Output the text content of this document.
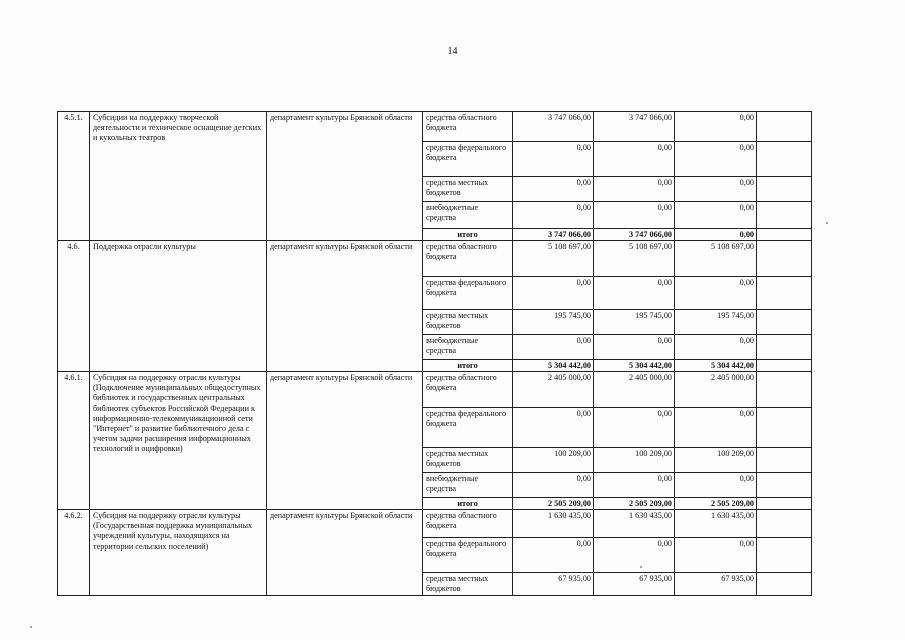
14
4.5.1.	Субсидии на поддержку творческой деятельности и техническое оснащение детских и кукольных театров	департамент культуры Брянской области	средства областного бюджета	3 747 066,00	3 747 066,00	0,00	
			средства федерального бюджета	0,00	0,00	0,00	
			средства местных бюджетов	0,00	0,00	0,00	
			внебюджетные средства	0,00	0,00	0,00	
			итого	3 747 066,00	3 747 066,00	0,00	
4.6.	Поддержка отрасли культуры	департамент культуры Брянской области	средства областного бюджета	5 108 697,00	5 108 697,00	5 108 697,00	
			средства федерального бюджета	0,00	0,00	0,00	
			средства местных бюджетов	195 745,00	195 745,00	195 745,00	
			внебюджетные средства	0,00	0,00	0,00	
			итого	5 304 442,00	5 304 442,00	5 304 442,00	
4.6.1.	Субсидия на поддержку отрасли культуры (Подключение муниципальных общедоступных библиотек и государственных центральных библиотек субъектов Российской Федерации к информационно-телекоммуникационной сети "Интернет" и развитие библиотечного дела с учетом задачи расширения информационных технологий и оцифровки)	департамент культуры Брянской области	средства областного бюджета	2 405 000,00	2 405 000,00	2 405 000,00	
			средства федерального бюджета	0,00	0,00	0,00	
			средства местных бюджетов	100 209,00	100 209,00	100 209,00	
			внебюджетные средства	0,00	0,00	0,00	
			итого	2 505 209,00	2 505 209,00	2 505 209,00	
4.6.2.	Субсидия на поддержку отрасли культуры (Государственная поддержка муниципальных учреждений культуры, находящихся на территории сельских поселений)	департамент культуры Брянской области	средства областного бюджета	1 630 435,00	1 630 435,00	1 630 435,00	
			средства федерального бюджета	0,00	0,00	0,00	
			средства местных бюджетов	67 935,00	67 935,00	67 935,00	
